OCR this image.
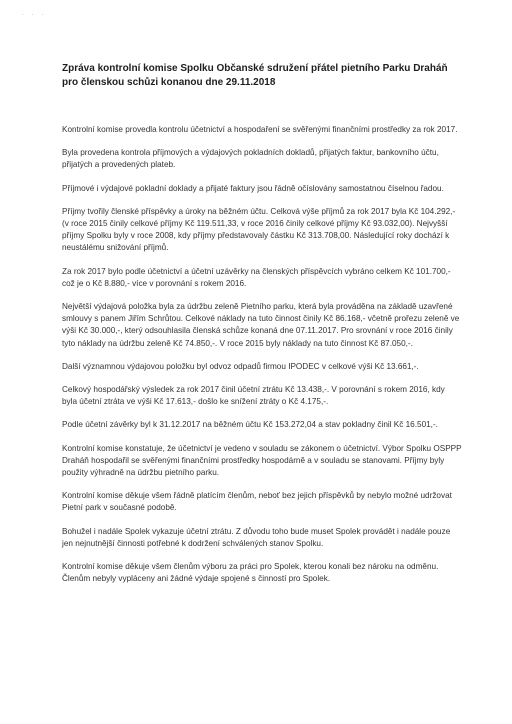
· · ·
Zpráva kontrolní komise Spolku Občanské sdružení přátel pietního Parku Draháň pro členskou schůzi konanou dne 29.11.2018

Kontrolní komise provedla kontrolu účetnictví a hospodaření se svěřenými finančními prostředky za rok 2017.

Byla provedena kontrola příjmových a výdajových pokladních dokladů, přijatých faktur, bankovního účtu, přijatých a provedených plateb.

Příjmové i výdajové pokladní doklady a přijaté faktury jsou řádně očíslovány samostatnou číselnou řadou.

Příjmy tvořily členské příspěvky a úroky na běžném účtu. Celková výše příjmů za rok 2017 byla Kč 104.292,- (v roce 2015 činily celkové příjmy Kč 119.511,33, v roce 2016 činily celkové příjmy Kč 93.032,00). Nejvyšší příjmy Spolku byly v roce 2008, kdy příjmy představovaly částku Kč 313.708,00. Následující roky dochází k neustálému snižování příjmů.

Za rok 2017 bylo podle účetnictví a účetní uzávěrky na členských příspěvcích vybráno celkem Kč 101.700,- což je o Kč 8.880,- více v porovnání s rokem 2016.

Největší výdajová položka byla za údržbu zeleně Pietního parku, která byla prováděna na základě uzavřené smlouvy s panem Jiřím Schrůtou. Celkové náklady na tuto činnost činily Kč 86.168,- včetně prořezu zeleně ve výši Kč 30.000,-, který odsouhlasila členská schůze konaná dne 07.11.2017. Pro srovnání v roce 2016 činily tyto náklady na údržbu zeleně Kč 74.850,-. V roce 2015 byly náklady na tuto činnost Kč 87.050,-.

Další významnou výdajovou položku byl odvoz odpadů firmou IPODEC v celkové výši Kč 13.661,-.

Celkový hospodářský výsledek za rok 2017 činil účetní ztrátu Kč 13.438,-. V porovnání s rokem 2016, kdy byla účetní ztráta ve výši Kč 17.613,- došlo ke snížení ztráty o Kč 4.175,-.

Podle účetní závěrky byl k 31.12.2017 na běžném účtu Kč 153.272,04 a stav pokladny činil Kč 16.501,-.

Kontrolní komise konstatuje, že účetnictví je vedeno v souladu se zákonem o účetnictví. Výbor Spolku OSPPP Draháň hospodařil se svěřenými finančními prostředky hospodárně a v souladu se stanovami. Příjmy byly použity výhradně na údržbu pietního parku.

Kontrolní komise děkuje všem řádně platícím členům, neboť bez jejich příspěvků by nebylo možné udržovat Pietní park v současné podobě.

Bohužel i nadále Spolek vykazuje účetní ztrátu. Z důvodu toho bude muset Spolek provádět i nadále pouze jen nejnutnější činnosti potřebné k dodržení schválených stanov Spolku.

Kontrolní komise děkuje všem členům výboru za práci pro Spolek, kterou konali bez nároku na odměnu. Členům nebyly vypláceny ani žádné výdaje spojené s činností pro Spolek.
